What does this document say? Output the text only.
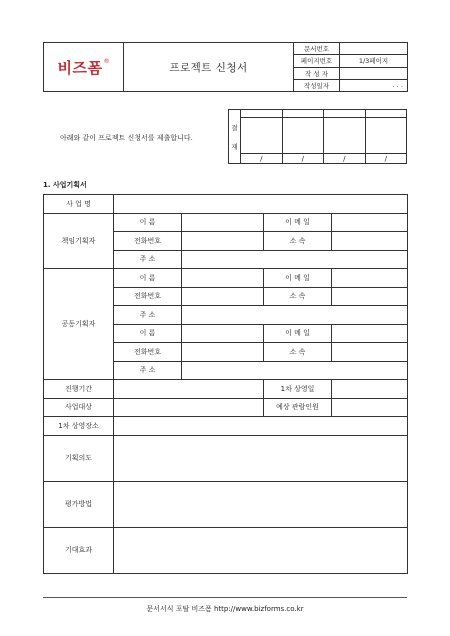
비즈폼 ®	프로젝트 신청서	문서번호	
		페이지번호	1/3페이지
		작 성 자	
		작성일자	. . .
아래와 같이 프로젝트 신청서를 제출합니다.
결
재				

	/	/	/	/
1. 사업기획서
사 업 명				
책임기획자	이 름		이 메 일	
	전화번호		소 속	
	주 소			
공동기획자	이 름		이 메 일	
	전화번호		소 속	
	주 소			
	이 름		이 메 일	
	전화번호		소 속	
	주 소			
진행기간			1차 상영일	
사업대상			예상 관람인원	
1차 상영장소				
기획의도				
평가방법				
기대효과				
문서서식 포탈 비즈폼 http://www.bizforms.co.kr
